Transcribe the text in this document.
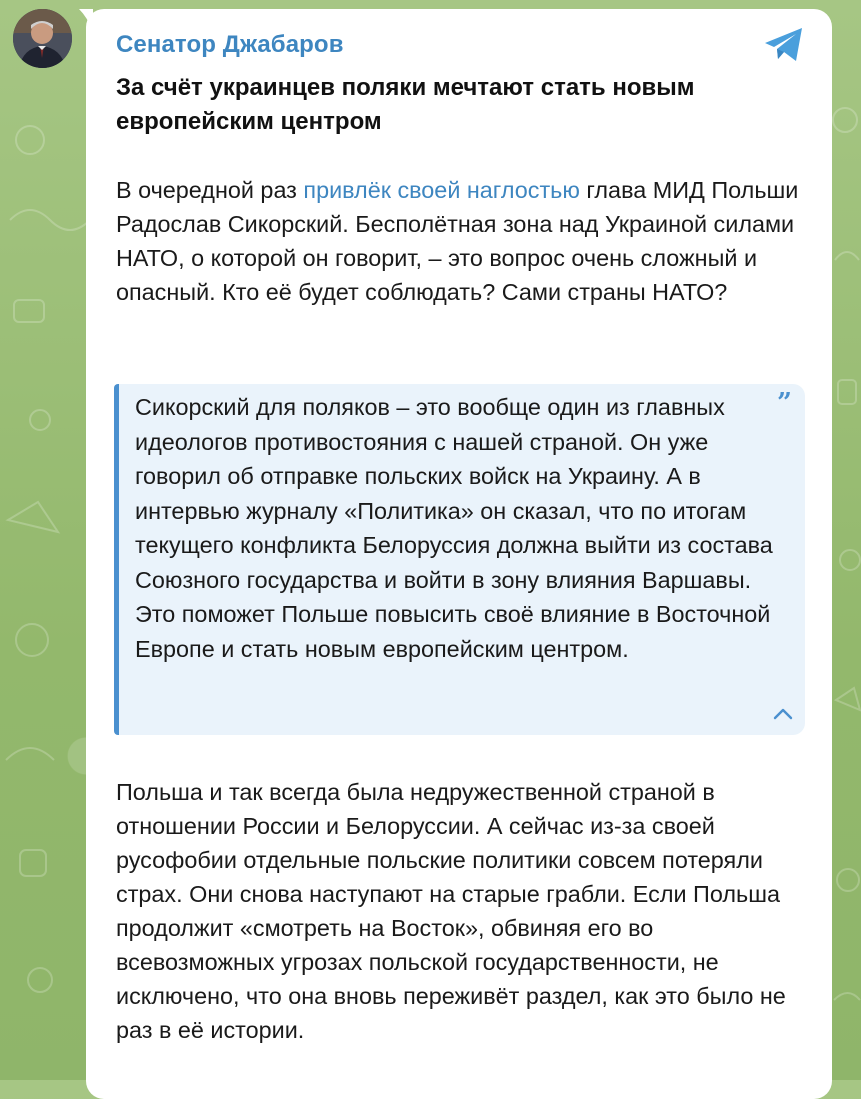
Сенатор Джабаров
За счёт украинцев поляки мечтают стать новым европейским центром

В очередной раз привлёк своей наглостью глава МИД Польши Радослав Сикорский. Бесполётная зона над Украиной силами НАТО, о которой он говорит, – это вопрос очень сложный и опасный. Кто её будет соблюдать? Сами страны НАТО?

Сикорский для поляков – это вообще один из главных идеологов противостояния с нашей страной. Он уже говорил об отправке польских войск на Украину. А в интервью журналу «Политика» он сказал, что по итогам текущего конфликта Белоруссия должна выйти из состава Союзного государства и войти в зону влияния Варшавы. Это поможет Польше повысить своё влияние в Восточной Европе и стать новым европейским центром.

”

Польша и так всегда была недружественной страной в отношении России и Белоруссии. А сейчас из-за своей русофобии отдельные польские политики совсем потеряли страх. Они снова наступают на старые грабли. Если Польша продолжит «смотреть на Восток», обвиняя его во всевозможных угрозах польской государственности, не исключено, что она вновь переживёт раздел, как это было не раз в её истории.
